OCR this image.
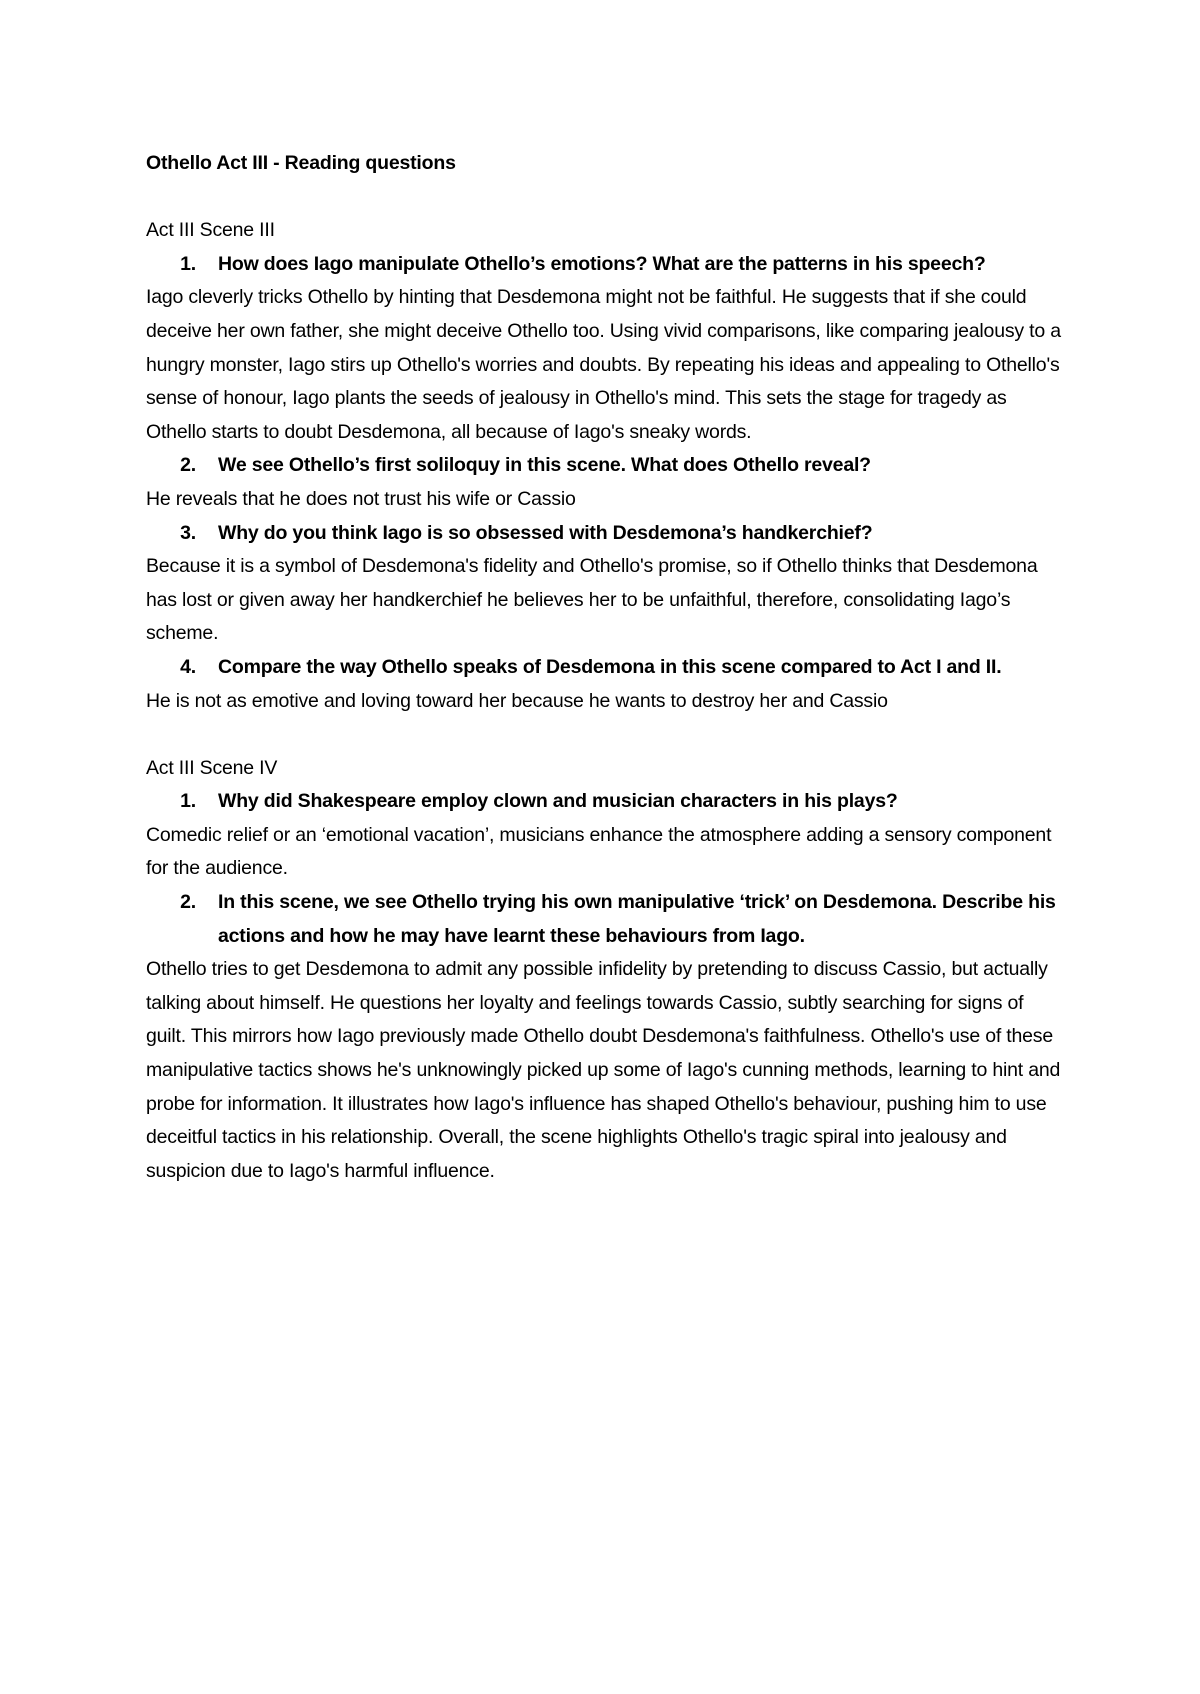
Othello Act III - Reading questions

Act III Scene III

1.	How does Iago manipulate Othello’s emotions? What are the patterns in his speech?

Iago cleverly tricks Othello by hinting that Desdemona might not be faithful. He suggests that if she could deceive her own father, she might deceive Othello too. Using vivid comparisons, like comparing jealousy to a hungry monster, Iago stirs up Othello's worries and doubts. By repeating his ideas and appealing to Othello's sense of honour, Iago plants the seeds of jealousy in Othello's mind. This sets the stage for tragedy as Othello starts to doubt Desdemona, all because of Iago's sneaky words.

2.	We see Othello’s first soliloquy in this scene. What does Othello reveal?

He reveals that he does not trust his wife or Cassio

3.	Why do you think Iago is so obsessed with Desdemona’s handkerchief?

Because it is a symbol of Desdemona's fidelity and Othello's promise, so if Othello thinks that Desdemona has lost or given away her handkerchief he believes her to be unfaithful, therefore, consolidating Iago’s scheme.

4.	Compare the way Othello speaks of Desdemona in this scene compared to Act I and II.

He is not as emotive and loving toward her because he wants to destroy her and Cassio

Act III Scene IV

1.	Why did Shakespeare employ clown and musician characters in his plays?

Comedic relief or an ‘emotional vacation’, musicians enhance the atmosphere adding a sensory component for the audience.

2.	In this scene, we see Othello trying his own manipulative ‘trick’ on Desdemona. Describe his actions and how he may have learnt these behaviours from Iago.

Othello tries to get Desdemona to admit any possible infidelity by pretending to discuss Cassio, but actually talking about himself. He questions her loyalty and feelings towards Cassio, subtly searching for signs of guilt. This mirrors how Iago previously made Othello doubt Desdemona's faithfulness. Othello's use of these manipulative tactics shows he's unknowingly picked up some of Iago's cunning methods, learning to hint and probe for information. It illustrates how Iago's influence has shaped Othello's behaviour, pushing him to use deceitful tactics in his relationship. Overall, the scene highlights Othello's tragic spiral into jealousy and suspicion due to Iago's harmful influence.
